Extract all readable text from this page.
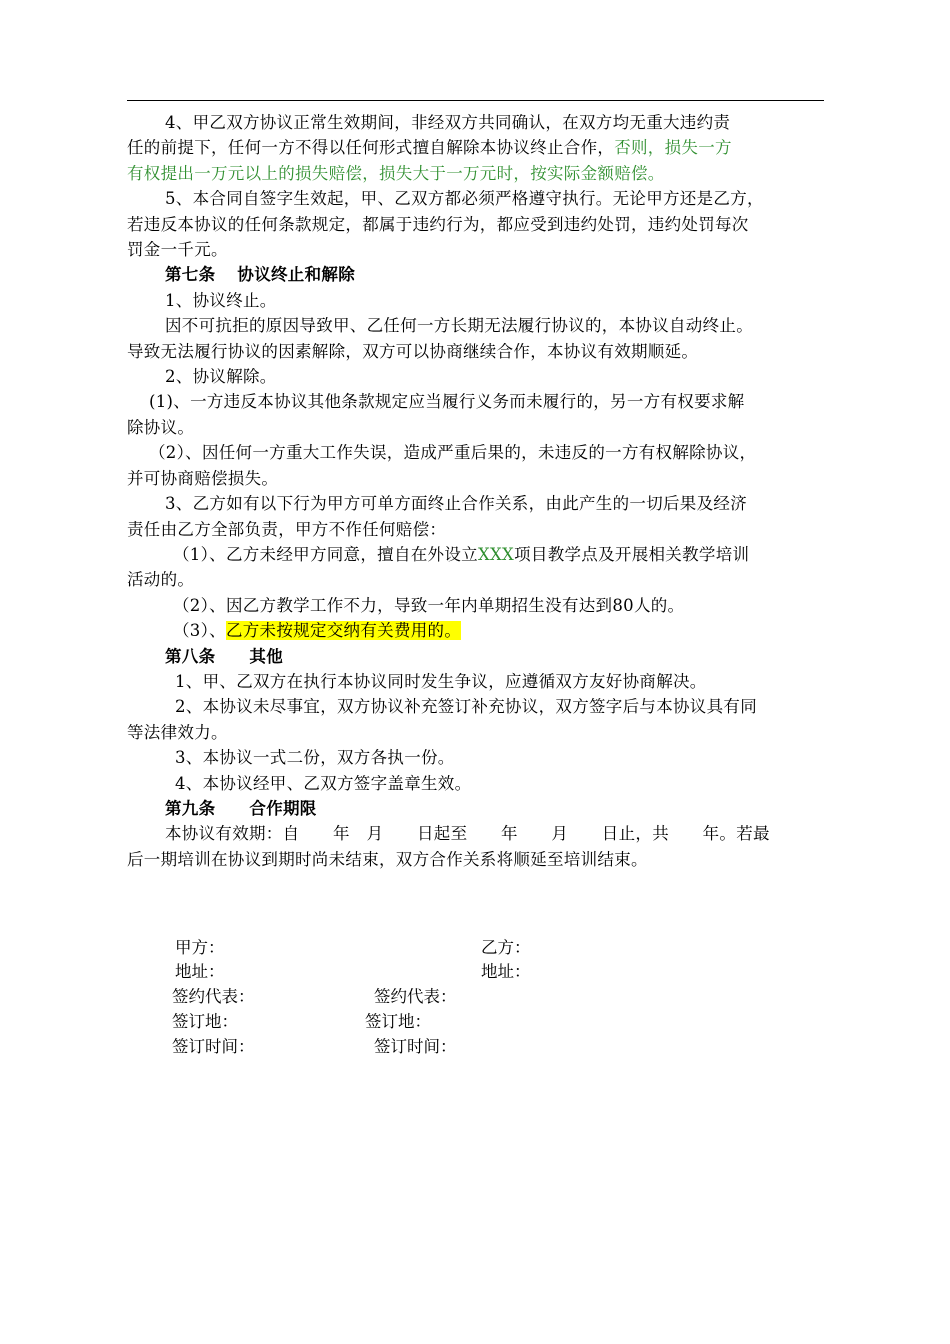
4、甲乙双方协议正常生效期间，非经双方共同确认，在双方均无重大违约责

任的前提下，任何一方不得以任何形式擅自解除本协议终止合作，否则，损失一方

有权提出一万元以上的损失赔偿，损失大于一万元时，按实际金额赔偿。

5、本合同自签字生效起，甲、乙双方都必须严格遵守执行。无论甲方还是乙方，

若违反本协议的任何条款规定，都属于违约行为，都应受到违约处罚，违约处罚每次

罚金一千元。

第七条 协议终止和解除

1、协议终止。

因不可抗拒的原因导致甲、乙任何一方长期无法履行协议的，本协议自动终止。

导致无法履行协议的因素解除，双方可以协商继续合作，本协议有效期顺延。

2、协议解除。

(1)、一方违反本协议其他条款规定应当履行义务而未履行的，另一方有权要求解

除协议。

（2）、因任何一方重大工作失误，造成严重后果的，未违反的一方有权解除协议，

并可协商赔偿损失。

3、乙方如有以下行为甲方可单方面终止合作关系，由此产生的一切后果及经济

责任由乙方全部负责，甲方不作任何赔偿：

（1）、乙方未经甲方同意，擅自在外设立XXX项目教学点及开展相关教学培训

活动的。

（2）、因乙方教学工作不力，导致一年内单期招生没有达到80人的。

（3）、乙方未按规定交纳有关费用的。

第八条 其他

1、甲、乙双方在执行本协议同时发生争议，应遵循双方友好协商解决。

2、本协议未尽事宜，双方协议补充签订补充协议，双方签字后与本协议具有同

等法律效力。

3、本协议一式二份，双方各执一份。

4、本协议经甲、乙双方签字盖章生效。

第九条 合作期限

本协议有效期：自　　年　月　　日起至　　年　　月　　日止，共　　年。若最

后一期培训在协议到期时尚未结束，双方合作关系将顺延至培训结束。

甲方：	乙方：
地址：	地址：
签约代表：	签约代表：
签订地：	签订地：
签订时间：	签订时间：
